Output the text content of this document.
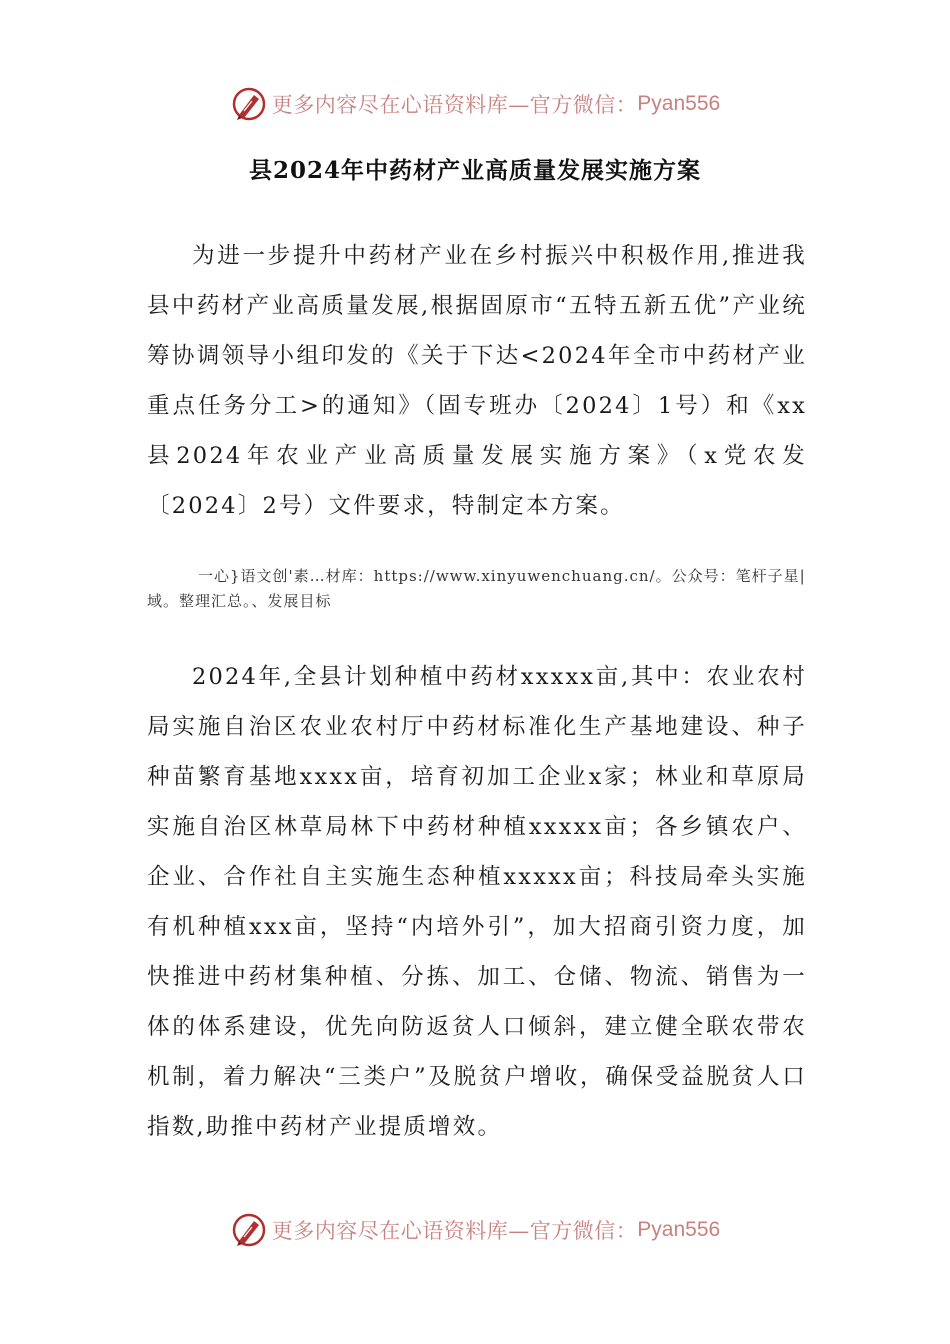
更多内容尽在心语资料库—官方微信： Pyan556
县2024年中药材产业高质量发展实施方案

为进一步提升中药材产业在乡村振兴中积极作用,推进我县中药材产业高质量发展,根据固原市“五特五新五优”产业统筹协调领导小组印发的《关于下达<2024年全市中药材产业重点任务分工>的通知》（固专班办〔2024〕1号）和《xx县2024年农业产业高质量发展实施方案》（x党农发〔2024〕2号）文件要求，特制定本方案。

一心}语文创'素…材库：https://www.xinyuwenchuang.cn/。公众号：笔杆子星|域。整理汇总。、发展目标

2024年,全县计划种植中药材xxxxx亩,其中：农业农村局实施自治区农业农村厅中药材标准化生产基地建设、种子种苗繁育基地xxxx亩，培育初加工企业x家；林业和草原局实施自治区林草局林下中药材种植xxxxx亩；各乡镇农户、企业、合作社自主实施生态种植xxxxx亩；科技局牵头实施有机种植xxx亩，坚持“内培外引”，加大招商引资力度，加快推进中药材集种植、分拣、加工、仓储、物流、销售为一体的体系建设，优先向防返贫人口倾斜，建立健全联农带农机制，着力解决“三类户”及脱贫户增收，确保受益脱贫人口指数,助推中药材产业提质增效。

更多内容尽在心语资料库—官方微信： Pyan556
